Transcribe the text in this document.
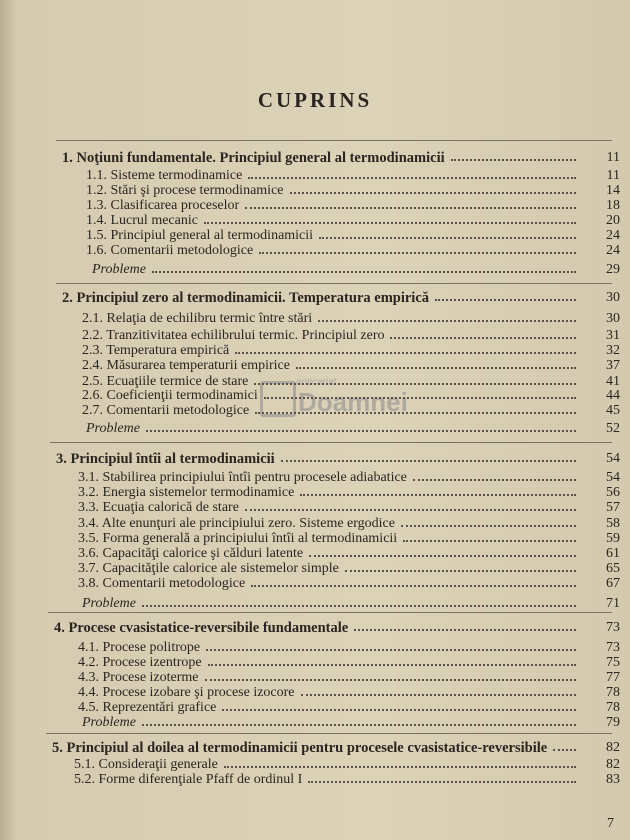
CUPRINS
anticariat
Doamnei
1. Noţiuni fundamentale. Principiul general al termodinamicii	11
1.1. Sisteme termodinamice	11
1.2. Stări şi procese termodinamice	14
1.3. Clasificarea proceselor	18
1.4. Lucrul mecanic	20
1.5. Principiul general al termodinamicii	24
1.6. Comentarii metodologice	24
Probleme	29
2. Principiul zero al termodinamicii. Temperatura empirică	30
2.1. Relaţia de echilibru termic între stări	30
2.2. Tranzitivitatea echilibrului termic. Principiul zero	31
2.3. Temperatura empirică	32
2.4. Măsurarea temperaturii empirice	37
2.5. Ecuaţiile termice de stare	41
2.6. Coeficienţii termodinamici	44
2.7. Comentarii metodologice	45
Probleme	52
3. Principiul întîi al termodinamicii	54
3.1. Stabilirea principiului întîi pentru procesele adiabatice	54
3.2. Energia sistemelor termodinamice	56
3.3. Ecuaţia calorică de stare	57
3.4. Alte enunţuri ale principiului zero. Sisteme ergodice	58
3.5. Forma generală a principiului întîi al termodinamicii	59
3.6. Capacităţi calorice şi călduri latente	61
3.7. Capacităţile calorice ale sistemelor simple	65
3.8. Comentarii metodologice	67
Probleme	71
4. Procese cvasistatice-reversibile fundamentale	73
4.1. Procese politrope	73
4.2. Procese izentrope	75
4.3. Procese izoterme	77
4.4. Procese izobare şi procese izocore	78
4.5. Reprezentări grafice	78
Probleme	79
5. Principiul al doilea al termodinamicii pentru procesele cvasistatice-reversibile	82
5.1. Consideraţii generale	82
5.2. Forme diferenţiale Pfaff de ordinul I	83
7
